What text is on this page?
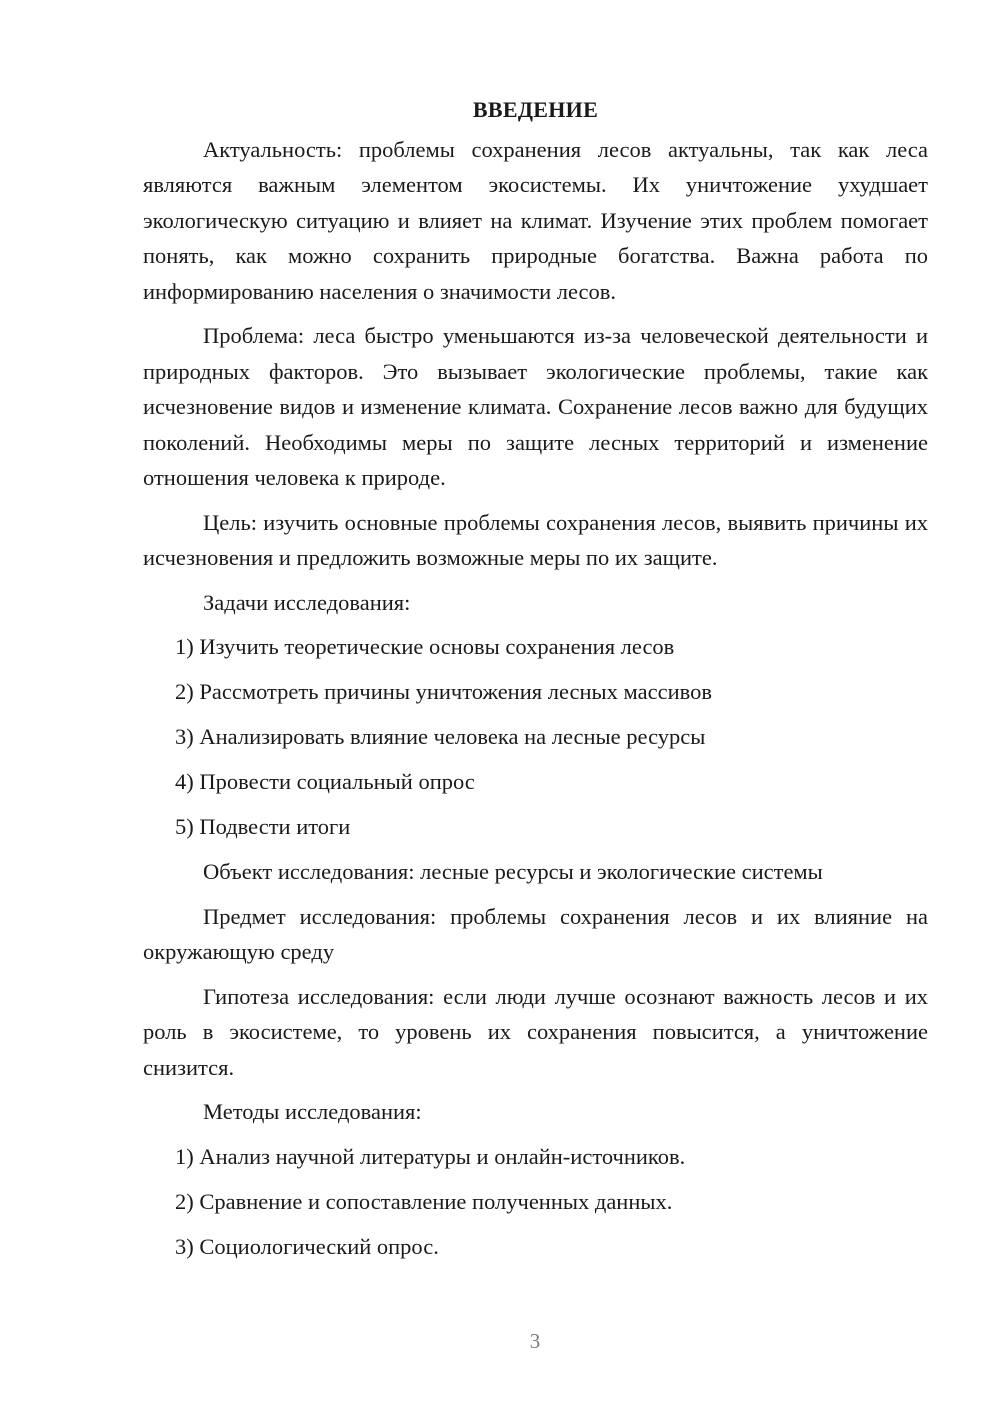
ВВЕДЕНИЕ

Актуальность: проблемы сохранения лесов актуальны, так как леса являются важным элементом экосистемы. Их уничтожение ухудшает экологическую ситуацию и влияет на климат. Изучение этих проблем помогает понять, как можно сохранить природные богатства. Важна работа по информированию населения о значимости лесов.

Проблема: леса быстро уменьшаются из-за человеческой деятельности и природных факторов. Это вызывает экологические проблемы, такие как исчезновение видов и изменение климата. Сохранение лесов важно для будущих поколений. Необходимы меры по защите лесных территорий и изменение отношения человека к природе.

Цель: изучить основные проблемы сохранения лесов, выявить причины их исчезновения и предложить возможные меры по их защите.

Задачи исследования:

1) Изучить теоретические основы сохранения лесов

2) Рассмотреть причины уничтожения лесных массивов

3) Анализировать влияние человека на лесные ресурсы

4) Провести социальный опрос

5) Подвести итоги

Объект исследования: лесные ресурсы и экологические системы

Предмет исследования: проблемы сохранения лесов и их влияние на окружающую среду

Гипотеза исследования: если люди лучше осознают важность лесов и их роль в экосистеме, то уровень их сохранения повысится, а уничтожение снизится.

Методы исследования:

1) Анализ научной литературы и онлайн-источников.

2) Сравнение и сопоставление полученных данных.

3) Социологический опрос.

3
